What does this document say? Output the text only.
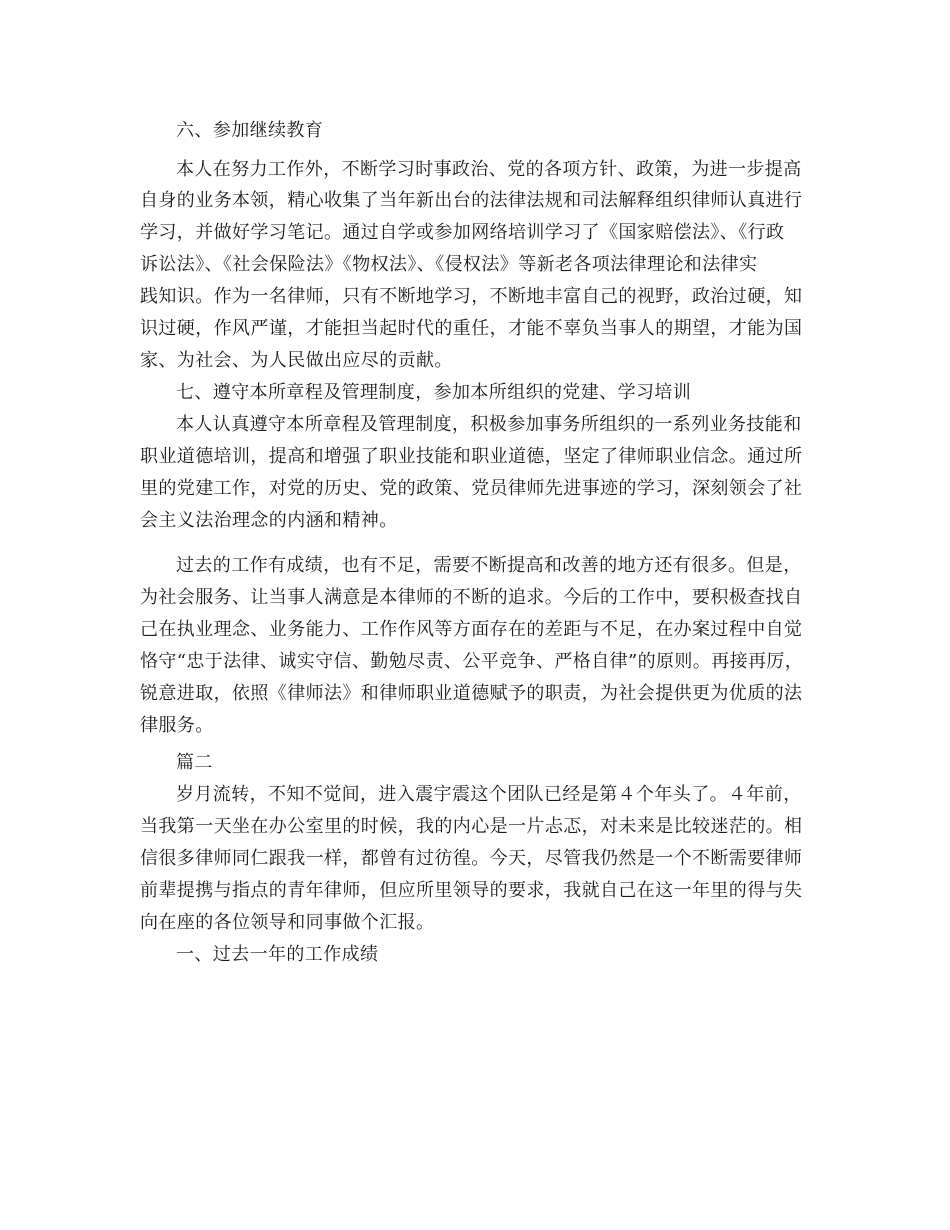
六、参加继续教育
本人在努力工作外，不断学习时事政治、党的各项方针、政策，为进一步提高
自身的业务本领，精心收集了当年新出台的法律法规和司法解释组织律师认真进行
学习，并做好学习笔记。通过自学或参加网络培训学习了《国家赔偿法》、《行政
诉讼法》、《社会保险法》《物权法》、《侵权法》等新老各项法律理论和法律实
践知识。作为一名律师，只有不断地学习，不断地丰富自己的视野，政治过硬，知
识过硬，作风严谨，才能担当起时代的重任，才能不辜负当事人的期望，才能为国
家、为社会、为人民做出应尽的贡献。
七、遵守本所章程及管理制度，参加本所组织的党建、学习培训
本人认真遵守本所章程及管理制度，积极参加事务所组织的一系列业务技能和
职业道德培训，提高和增强了职业技能和职业道德，坚定了律师职业信念。通过所
里的党建工作，对党的历史、党的政策、党员律师先进事迹的学习，深刻领会了社
会主义法治理念的内涵和精神。
过去的工作有成绩，也有不足，需要不断提高和改善的地方还有很多。但是，
为社会服务、让当事人满意是本律师的不断的追求。今后的工作中，要积极查找自
己在执业理念、业务能力、工作作风等方面存在的差距与不足，在办案过程中自觉
恪守“忠于法律、诚实守信、勤勉尽责、公平竞争、严格自律”的原则。再接再厉，
锐意进取，依照《律师法》和律师职业道德赋予的职责，为社会提供更为优质的法
律服务。
篇二
岁月流转，不知不觉间，进入震宇震这个团队已经是第４个年头了。４年前，
当我第一天坐在办公室里的时候，我的内心是一片忐忑，对未来是比较迷茫的。相
信很多律师同仁跟我一样，都曾有过彷徨。今天，尽管我仍然是一个不断需要律师
前辈提携与指点的青年律师，但应所里领导的要求，我就自己在这一年里的得与失
向在座的各位领导和同事做个汇报。
一、过去一年的工作成绩
